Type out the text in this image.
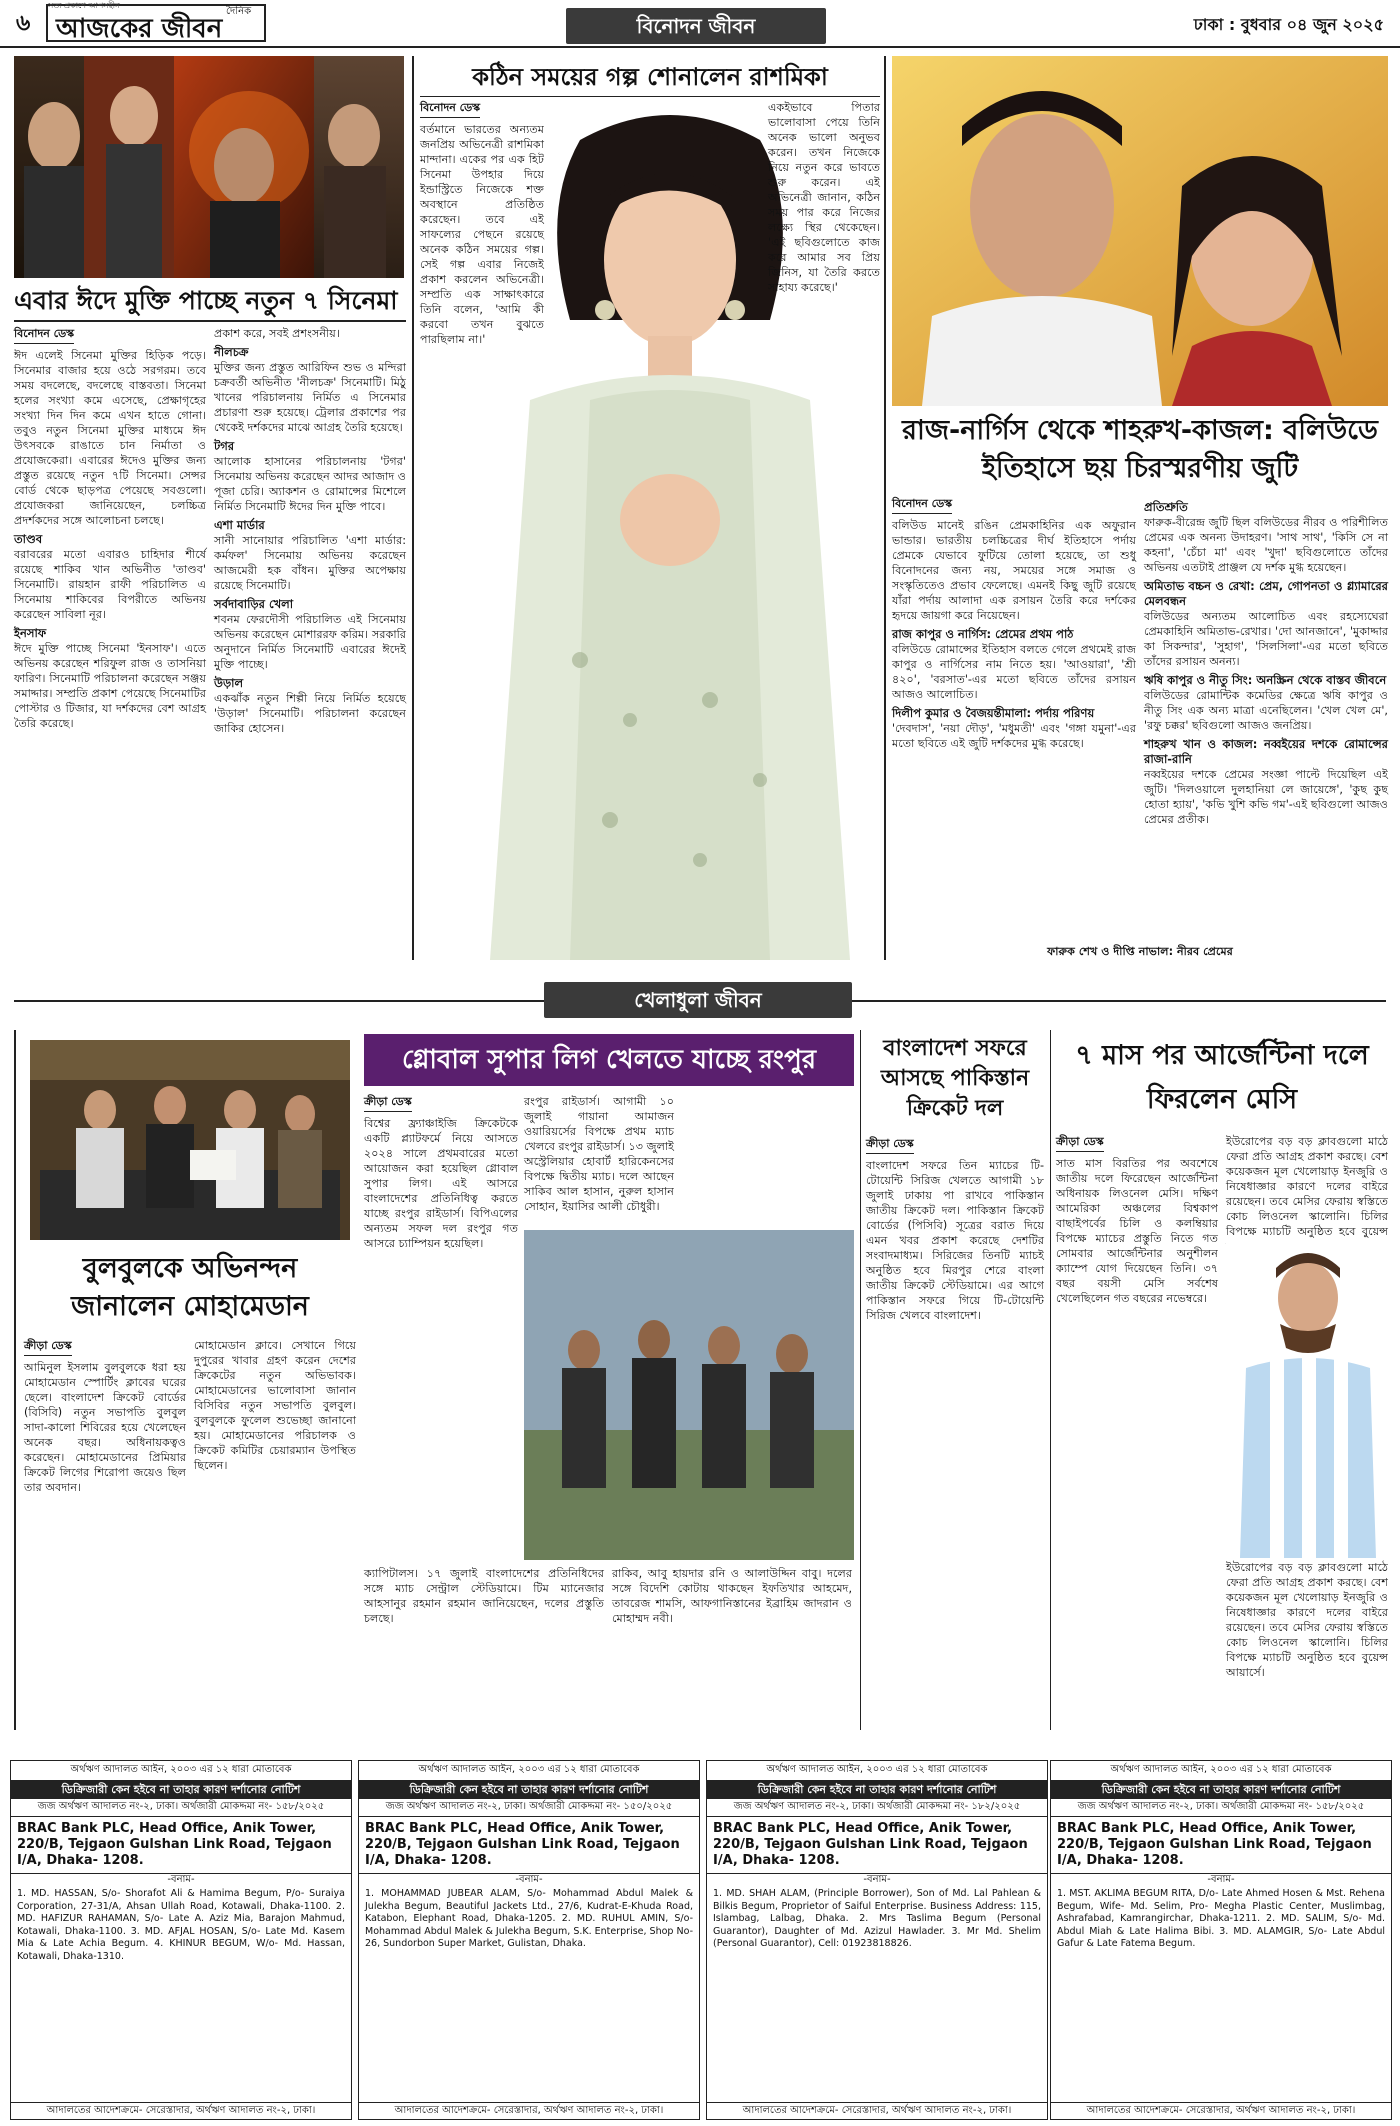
৬ আজকের জীবন
সত্য প্রকাশে আপসহীন
দৈনিক
বিনোদন জীবন	ঢাকা : বুধবার ০৪ জুন ২০২৫
এবার ঈদে মুক্তি পাচ্ছে নতুন ৭ সিনেমা
বিনোদন ডেস্ক

ঈদ এলেই সিনেমা মুক্তির হিড়িক পড়ে। সিনেমার বাজার হয়ে ওঠে সরগরম। তবে সময় বদলেছে, বদলেছে বাস্তবতা। সিনেমা হলের সংখ্যা কমে এসেছে, প্রেক্ষাগৃহের সংখ্যা দিন দিন কমে এখন হাতে গোনা। তবুও নতুন সিনেমা মুক্তির মাধ্যমে ঈদ উৎসবকে রাঙাতে চান নির্মাতা ও প্রযোজকেরা। এবারের ঈদেও মুক্তির জন্য প্রস্তুত রয়েছে নতুন ৭টি সিনেমা। সেন্সর বোর্ড থেকে ছাড়পত্র পেয়েছে সবগুলো। প্রযোজকরা জানিয়েছেন, চলচ্চিত্র প্রদর্শকদের সঙ্গে আলোচনা চলছে।

তাণ্ডব

বরাবরের মতো এবারও চাহিদার শীর্ষে রয়েছে শাকিব খান অভিনীত 'তাণ্ডব' সিনেমাটি। রায়হান রাফী পরিচালিত এ সিনেমায় শাকিবের বিপরীতে অভিনয় করেছেন সাবিলা নূর।

ইনসাফ

ঈদে মুক্তি পাচ্ছে সিনেমা 'ইনসাফ'। এতে অভিনয় করেছেন শরিফুল রাজ ও তাসনিয়া ফারিণ। সিনেমাটি পরিচালনা করেছেন সঞ্জয় সমাদ্দার। সম্প্রতি প্রকাশ পেয়েছে সিনেমাটির পোস্টার ও টিজার, যা দর্শকদের বেশ আগ্রহ তৈরি করেছে।

প্রকাশ করে, সবই প্রশংসনীয়।

নীলচক্র

মুক্তির জন্য প্রস্তুত আরিফিন শুভ ও মন্দিরা চক্রবর্তী অভিনীত 'নীলচক্র' সিনেমাটি। মিঠু খানের পরিচালনায় নির্মিত এ সিনেমার প্রচারণা শুরু হয়েছে। ট্রেলার প্রকাশের পর থেকেই দর্শকদের মাঝে আগ্রহ তৈরি হয়েছে।

টগর

আলোক হাসানের পরিচালনায় 'টগর' সিনেমায় অভিনয় করেছেন আদর আজাদ ও পূজা চেরি। অ্যাকশন ও রোমান্সের মিশেলে নির্মিত সিনেমাটি ঈদের দিন মুক্তি পাবে।

এশা মার্ডার

সানী সানোয়ার পরিচালিত 'এশা মার্ডার: কর্মফল' সিনেমায় অভিনয় করেছেন আজমেরী হক বাঁধন। মুক্তির অপেক্ষায় রয়েছে সিনেমাটি।

সর্বদাবাড়ির খেলা

শবনম ফেরদৌসী পরিচালিত এই সিনেমায় অভিনয় করেছেন মোশাররফ করিম। সরকারি অনুদানে নির্মিত সিনেমাটি এবারের ঈদেই মুক্তি পাচ্ছে।

উড়াল

একঝাঁক নতুন শিল্পী নিয়ে নির্মিত হয়েছে 'উড়াল' সিনেমাটি। পরিচালনা করেছেন জাকির হোসেন।

কঠিন সময়ের গল্প শোনালেন রাশমিকা
বিনোদন ডেস্ক

বর্তমানে ভারতের অন্যতম জনপ্রিয় অভিনেত্রী রাশমিকা মান্দানা। একের পর এক হিট সিনেমা উপহার দিয়ে ইন্ডাস্ট্রিতে নিজেকে শক্ত অবস্থানে প্রতিষ্ঠিত করেছেন। তবে এই সাফল্যের পেছনে রয়েছে অনেক কঠিন সময়ের গল্প। সেই গল্প এবার নিজেই প্রকাশ করলেন অভিনেত্রী। সম্প্রতি এক সাক্ষাৎকারে তিনি বলেন, 'আমি কী করবো তখন বুঝতে পারছিলাম না।'

একইভাবে পিতার ভালোবাসা পেয়ে তিনি অনেক ভালো অনুভব করেন। তখন নিজেকে নিয়ে নতুন করে ভাবতে শুরু করেন। এই অভিনেত্রী জানান, কঠিন সময় পার করে নিজের লক্ষ্যে স্থির থেকেছেন। 'এই ছবিগুলোতে কাজ করে আমার সব প্রিয় জিনিস, যা তৈরি করতে সাহায্য করেছে।'

রাজ-নার্গিস থেকে শাহরুখ-কাজল: বলিউডে ইতিহাসে ছয় চিরস্মরণীয় জুটি
বিনোদন ডেস্ক

বলিউড মানেই রঙিন প্রেমকাহিনির এক অফুরান ভান্ডার। ভারতীয় চলচ্চিত্রের দীর্ঘ ইতিহাসে পর্দায় প্রেমকে যেভাবে ফুটিয়ে তোলা হয়েছে, তা শুধু বিনোদনের জন্য নয়, সময়ের সঙ্গে সমাজ ও সংস্কৃতিতেও প্রভাব ফেলেছে। এমনই কিছু জুটি রয়েছে যাঁরা পর্দায় আলাদা এক রসায়ন তৈরি করে দর্শকের হৃদয়ে জায়গা করে নিয়েছেন।

রাজ কাপুর ও নার্গিস: প্রেমের প্রথম পাঠ

বলিউডে রোমান্সের ইতিহাস বলতে গেলে প্রথমেই রাজ কাপুর ও নার্গিসের নাম নিতে হয়। 'আওয়ারা', 'শ্রী ৪২০', 'বরসাত'-এর মতো ছবিতে তাঁদের রসায়ন আজও আলোচিত।

দিলীপ কুমার ও বৈজয়ন্তীমালা: পর্দায় পরিণয়

'দেবদাস', 'নয়া দৌড়', 'মধুমতী' এবং 'গঙ্গা যমুনা'-এর মতো ছবিতে এই জুটি দর্শকদের মুগ্ধ করেছে।

প্রতিশ্রুতি

ফারুক-বীরেন্দ্র জুটি ছিল বলিউডের নীরব ও পরিশীলিত প্রেমের এক অনন্য উদাহরণ। 'সাথ সাথ', 'কিসি সে না কহনা', 'চেঁচা মা' এবং 'খুদা' ছবিগুলোতে তাঁদের অভিনয় এতটাই প্রাঞ্জল যে দর্শক মুগ্ধ হয়েছেন।

অমিতাভ বচ্চন ও রেখা: প্রেম, গোপনতা ও গ্ল্যামারের মেলবন্ধন

বলিউডের অন্যতম আলোচিত এবং রহস্যেঘেরা প্রেমকাহিনি অমিতাভ-রেখার। 'দো আনজানে', 'মুকাদ্দার কা সিকন্দার', 'সুহাগ', 'সিলসিলা'-এর মতো ছবিতে তাঁদের রসায়ন অনন্য।

ঋষি কাপুর ও নীতু সিং: অনস্ক্রিন থেকে বাস্তব জীবনে

বলিউডের রোমান্টিক কমেডির ক্ষেত্রে ঋষি কাপুর ও নীতু সিং এক অন্য মাত্রা এনেছিলেন। 'খেল খেল মে', 'রফু চক্কর' ছবিগুলো আজও জনপ্রিয়।

শাহরুখ খান ও কাজল: নব্বইয়ের দশকে রোমান্সের রাজা-রানি

নব্বইয়ের দশকে প্রেমের সংজ্ঞা পাল্টে দিয়েছিল এই জুটি। 'দিলওয়ালে দুলহানিয়া লে জায়েঙ্গে', 'কুছ কুছ হোতা হ্যায়', 'কভি খুশি কভি গম'-এই ছবিগুলো আজও প্রেমের প্রতীক।

ফারুক শেখ ও দীপ্তি নাভাল: নীরব প্রেমের
খেলাধুলা জীবন
বুলবুলকে অভিনন্দন জানালেন মোহামেডান
ক্রীড়া ডেস্ক

আমিনুল ইসলাম বুলবুলকে ধরা হয় মোহামেডান স্পোর্টিং ক্লাবের ঘরের ছেলে। বাংলাদেশ ক্রিকেট বোর্ডের (বিসিবি) নতুন সভাপতি বুলবুল সাদা-কালো শিবিরের হয়ে খেলেছেন অনেক বছর। অধিনায়কত্বও করেছেন। মোহামেডানের প্রিমিয়ার ক্রিকেট লিগের শিরোপা জয়েও ছিল তার অবদান।

মোহামেডান ক্লাবে। সেখানে গিয়ে দুপুরের খাবার গ্রহণ করেন দেশের ক্রিকেটের নতুন অভিভাবক। মোহামেডানের ভালোবাসা জানান বিসিবির নতুন সভাপতি বুলবুল। বুলবুলকে ফুলেল শুভেচ্ছা জানানো হয়। মোহামেডানের পরিচালক ও ক্রিকেট কমিটির চেয়ারম্যান উপস্থিত ছিলেন।

গ্লোবাল সুপার লিগ খেলতে যাচ্ছে রংপুর
ক্রীড়া ডেস্ক

বিশ্বের ফ্র্যাঞ্চাইজি ক্রিকেটকে একটি প্ল্যাটফর্মে নিয়ে আসতে ২০২৪ সালে প্রথমবারের মতো আয়োজন করা হয়েছিল গ্লোবাল সুপার লিগ। এই আসরে বাংলাদেশের প্রতিনিধিত্ব করতে যাচ্ছে রংপুর রাইডার্স। বিপিএলের অন্যতম সফল দল রংপুর গত আসরে চ্যাম্পিয়ন হয়েছিল।

রংপুর রাইডার্স। আগামী ১০ জুলাই গায়ানা আমাজন ওয়ারিয়র্সের বিপক্ষে প্রথম ম্যাচ খেলবে রংপুর রাইডার্স। ১৩ জুলাই অস্ট্রেলিয়ার হোবার্ট হারিকেনসের বিপক্ষে দ্বিতীয় ম্যাচ। দলে আছেন সাকিব আল হাসান, নুরুল হাসান সোহান, ইয়াসির আলী চৌধুরী।

ক্যাপিটালস। ১৭ জুলাই বাংলাদেশের প্রতিনিধিদের সঙ্গে ম্যাচ সেন্ট্রাল স্টেডিয়ামে। টিম ম্যানেজার আহসানুর রহমান রহমান জানিয়েছেন, দলের প্রস্তুতি চলছে।

রাকিব, আবু হায়দার রনি ও আলাউদ্দিন বাবু। দলের সঙ্গে বিদেশি কোটায় থাকছেন ইফতিখার আহমেদ, তাবরেজ শামসি, আফগানিস্তানের ইব্রাহিম জাদরান ও মোহাম্মদ নবী।

বাংলাদেশ সফরে আসছে পাকিস্তান ক্রিকেট দল
ক্রীড়া ডেস্ক

বাংলাদেশ সফরে তিন ম্যাচের টি-টোয়েন্টি সিরিজ খেলতে আগামী ১৮ জুলাই ঢাকায় পা রাখবে পাকিস্তান জাতীয় ক্রিকেট দল। পাকিস্তান ক্রিকেট বোর্ডের (পিসিবি) সূত্রের বরাত দিয়ে এমন খবর প্রকাশ করেছে দেশটির সংবাদমাধ্যম। সিরিজের তিনটি ম্যাচই অনুষ্ঠিত হবে মিরপুর শেরে বাংলা জাতীয় ক্রিকেট স্টেডিয়ামে। এর আগে পাকিস্তান সফরে গিয়ে টি-টোয়েন্টি সিরিজ খেলবে বাংলাদেশ।

৭ মাস পর আর্জেন্টিনা দলে ফিরলেন মেসি
ক্রীড়া ডেস্ক

সাত মাস বিরতির পর অবশেষে জাতীয় দলে ফিরেছেন আর্জেন্টিনা অধিনায়ক লিওনেল মেসি। দক্ষিণ আমেরিকা অঞ্চলের বিশ্বকাপ বাছাইপর্বের চিলি ও কলম্বিয়ার বিপক্ষে ম্যাচের প্রস্তুতি নিতে গত সোমবার আর্জেন্টিনার অনুশীলন ক্যাম্পে যোগ দিয়েছেন তিনি। ৩৭ বছর বয়সী মেসি সর্বশেষ খেলেছিলেন গত বছরের নভেম্বরে।

ইউরোপের বড় বড় ক্লাবগুলো মাঠে ফেরা প্রতি আগ্রহ প্রকাশ করছে। বেশ কয়েকজন মূল খেলোয়াড় ইনজুরি ও নিষেধাজ্ঞার কারণে দলের বাইরে রয়েছেন। তবে মেসির ফেরায় স্বস্তিতে কোচ লিওনেল স্কালোনি। চিলির বিপক্ষে ম্যাচটি অনুষ্ঠিত হবে বুয়েন্স

ইউরোপের বড় বড় ক্লাবগুলো মাঠে ফেরা প্রতি আগ্রহ প্রকাশ করছে। বেশ কয়েকজন মূল খেলোয়াড় ইনজুরি ও নিষেধাজ্ঞার কারণে দলের বাইরে রয়েছেন। তবে মেসির ফেরায় স্বস্তিতে কোচ লিওনেল স্কালোনি। চিলির বিপক্ষে ম্যাচটি অনুষ্ঠিত হবে বুয়েন্স আয়ার্সে।

অর্থঋণ আদালত আইন, ২০০৩ এর ১২ ধারা মোতাবেক
ডিক্রিজারী কেন হইবে না তাহার কারণ দর্শানোর নোটিশ
জজ অর্থঋণ আদালত নং-২, ঢাকা। অর্থজারী মোকদ্দমা নং- ১৫৮/২০২৫
BRAC Bank PLC, Head Office, Anik Tower, 220/B, Tejgaon Gulshan Link Road, Tejgaon I/A, Dhaka- 1208.
-বনাম-
1. MD. HASSAN, S/o- Shorafot Ali & Hamima Begum, P/o- Suraiya Corporation, 27-31/A, Ahsan Ullah Road, Kotawali, Dhaka-1100. 2. MD. HAFIZUR RAHAMAN, S/o- Late A. Aziz Mia, Barajon Mahmud, Kotawali, Dhaka-1100. 3. MD. AFJAL HOSAN, S/o- Late Md. Kasem Mia & Late Achia Begum. 4. KHINUR BEGUM, W/o- Md. Hassan, Kotawali, Dhaka-1310.
আদালতের আদেশক্রমে- সেরেস্তাদার, অর্থঋণ আদালত নং-২, ঢাকা।
অর্থঋণ আদালত আইন, ২০০৩ এর ১২ ধারা মোতাবেক
ডিক্রিজারী কেন হইবে না তাহার কারণ দর্শানোর নোটিশ
জজ অর্থঋণ আদালত নং-২, ঢাকা। অর্থজারী মোকদ্দমা নং- ১৫০/২০২৫
BRAC Bank PLC, Head Office, Anik Tower, 220/B, Tejgaon Gulshan Link Road, Tejgaon I/A, Dhaka- 1208.
-বনাম-
1. MOHAMMAD JUBEAR ALAM, S/o- Mohammad Abdul Malek & Julekha Begum, Beautiful Jackets Ltd., 27/6, Kudrat-E-Khuda Road, Katabon, Elephant Road, Dhaka-1205. 2. MD. RUHUL AMIN, S/o- Mohammad Abdul Malek & Julekha Begum, S.K. Enterprise, Shop No- 26, Sundorbon Super Market, Gulistan, Dhaka.
আদালতের আদেশক্রমে- সেরেস্তাদার, অর্থঋণ আদালত নং-২, ঢাকা।
অর্থঋণ আদালত আইন, ২০০৩ এর ১২ ধারা মোতাবেক
ডিক্রিজারী কেন হইবে না তাহার কারণ দর্শানোর নোটিশ
জজ অর্থঋণ আদালত নং-২, ঢাকা। অর্থজারী মোকদ্দমা নং- ১৮২/২০২৫
BRAC Bank PLC, Head Office, Anik Tower, 220/B, Tejgaon Gulshan Link Road, Tejgaon I/A, Dhaka- 1208.
-বনাম-
1. MD. SHAH ALAM, (Principle Borrower), Son of Md. Lal Pahlean & Bilkis Begum, Proprietor of Saiful Enterprise. Business Address: 115, Islambag, Lalbag, Dhaka. 2. Mrs Taslima Begum (Personal Guarantor), Daughter of Md. Azizul Hawlader. 3. Mr Md. Shelim (Personal Guarantor), Cell: 01923818826.
আদালতের আদেশক্রমে- সেরেস্তাদার, অর্থঋণ আদালত নং-২, ঢাকা।
অর্থঋণ আদালত আইন, ২০০৩ এর ১২ ধারা মোতাবেক
ডিক্রিজারী কেন হইবে না তাহার কারণ দর্শানোর নোটিশ
জজ অর্থঋণ আদালত নং-২, ঢাকা। অর্থজারী মোকদ্দমা নং- ১৫৮/২০২৫
BRAC Bank PLC, Head Office, Anik Tower, 220/B, Tejgaon Gulshan Link Road, Tejgaon I/A, Dhaka- 1208.
-বনাম-
1. MST. AKLIMA BEGUM RITA, D/o- Late Ahmed Hosen & Mst. Rehena Begum, Wife- Md. Selim, Pro- Megha Plastic Center, Muslimbag, Ashrafabad, Kamrangirchar, Dhaka-1211. 2. MD. SALIM, S/o- Md. Abdul Miah & Late Halima Bibi. 3. MD. ALAMGIR, S/o- Late Abdul Gafur & Late Fatema Begum.
আদালতের আদেশক্রমে- সেরেস্তাদার, অর্থঋণ আদালত নং-২, ঢাকা।
